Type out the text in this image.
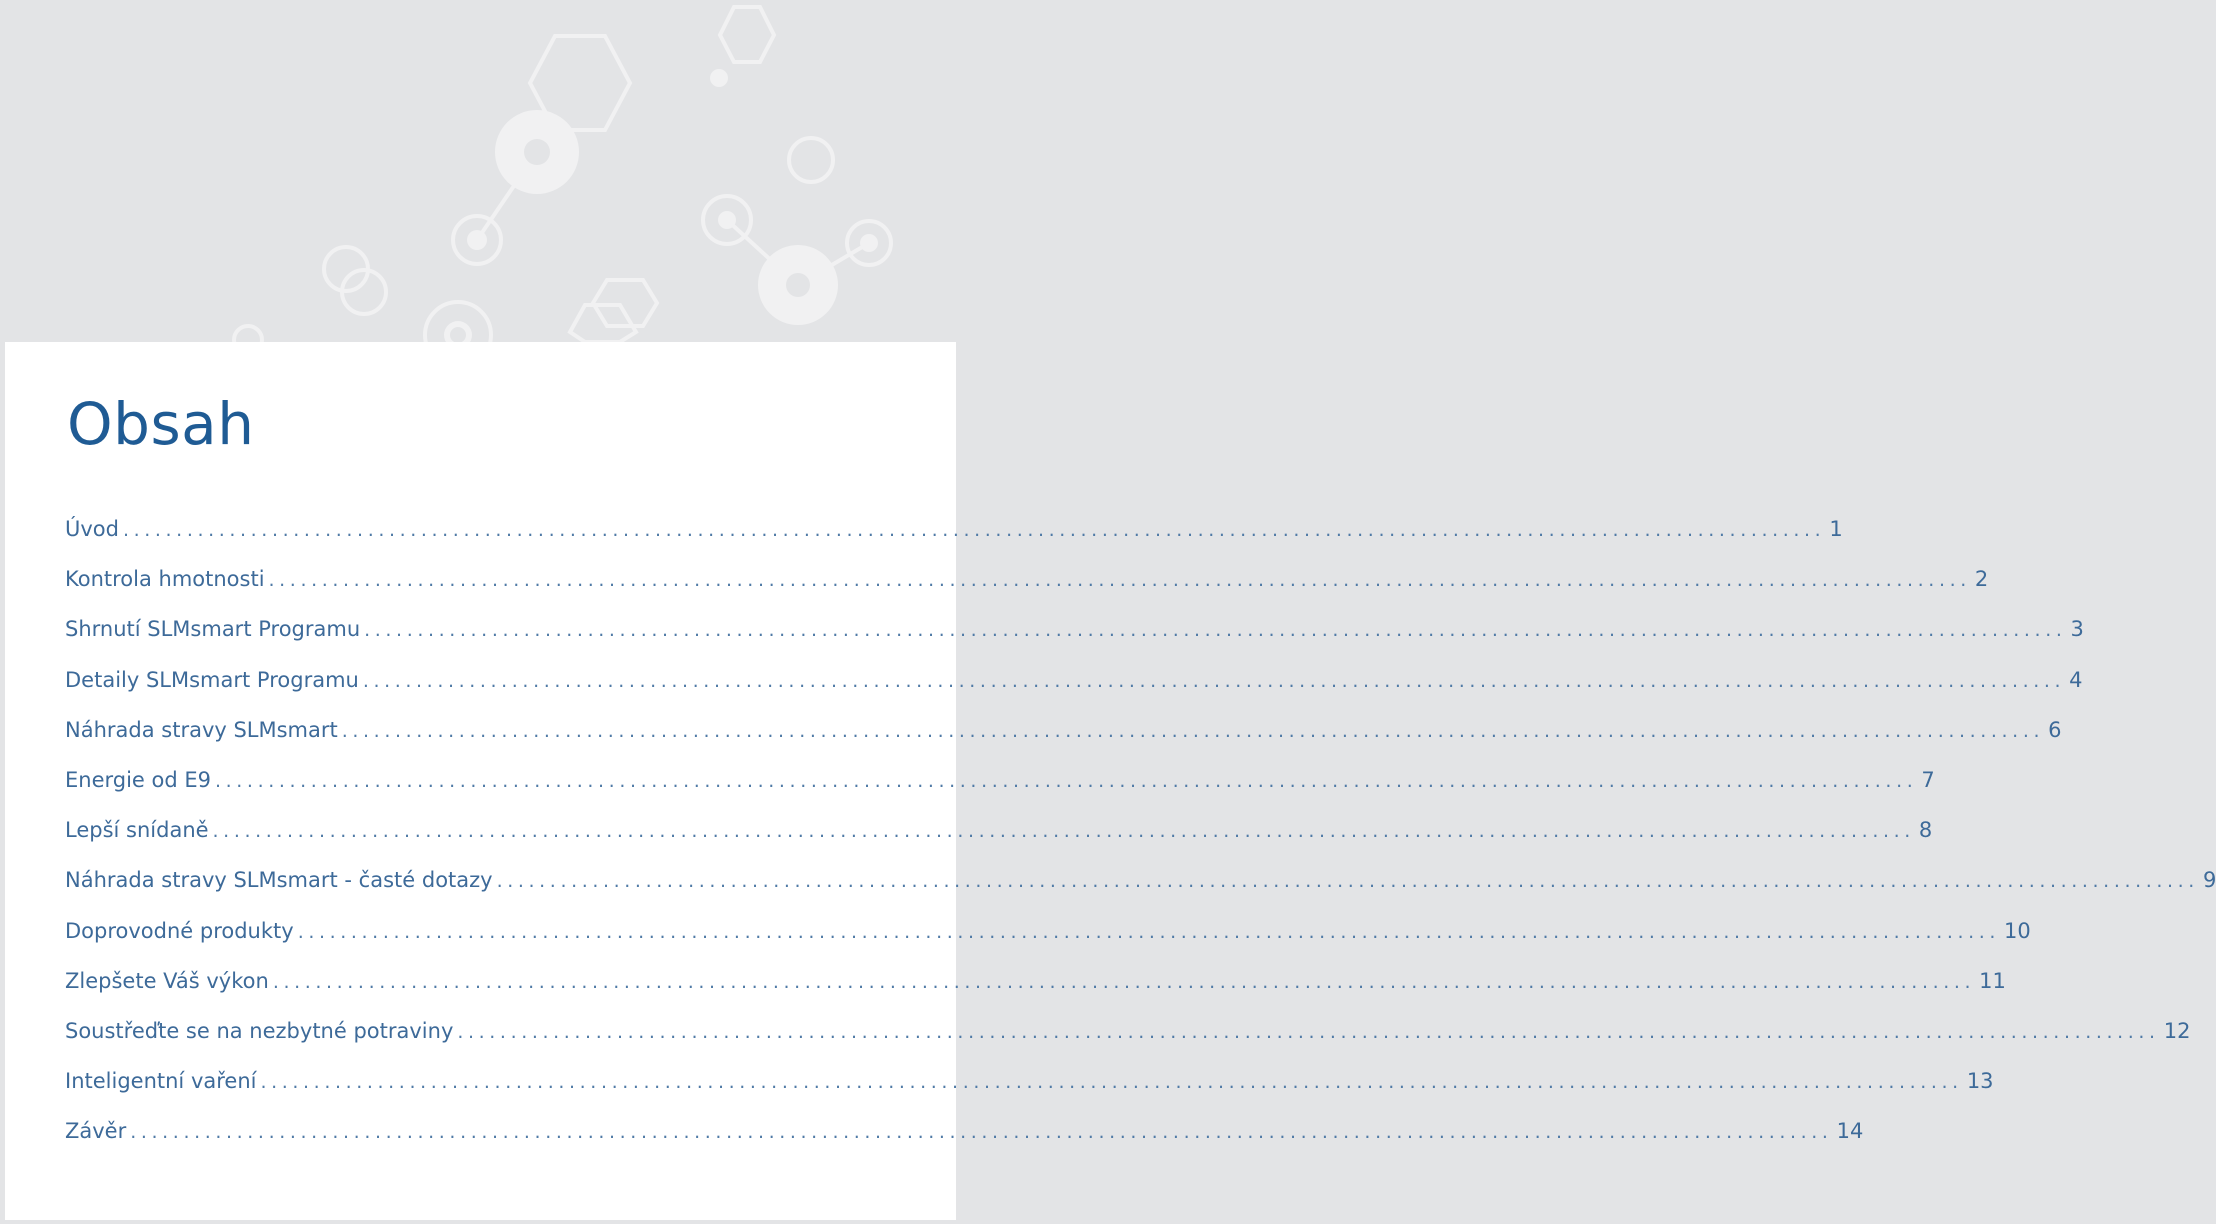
Obsah
Úvod ................................................................................................................................................................ 1
Kontrola hmotnosti ................................................................................................................................................................ 2
Shrnutí SLMsmart Programu ................................................................................................................................................................ 3
Detaily SLMsmart Programu ................................................................................................................................................................ 4
Náhrada stravy SLMsmart ................................................................................................................................................................ 6
Energie od E9 ................................................................................................................................................................ 7
Lepší snídaně ................................................................................................................................................................ 8
Náhrada stravy SLMsmart - časté dotazy ................................................................................................................................................................ 9
Doprovodné produkty ................................................................................................................................................................ 10
Zlepšete Váš výkon ................................................................................................................................................................ 11
Soustřeďte se na nezbytné potraviny ................................................................................................................................................................ 12
Inteligentní vaření ................................................................................................................................................................ 13
Závěr ................................................................................................................................................................ 14
